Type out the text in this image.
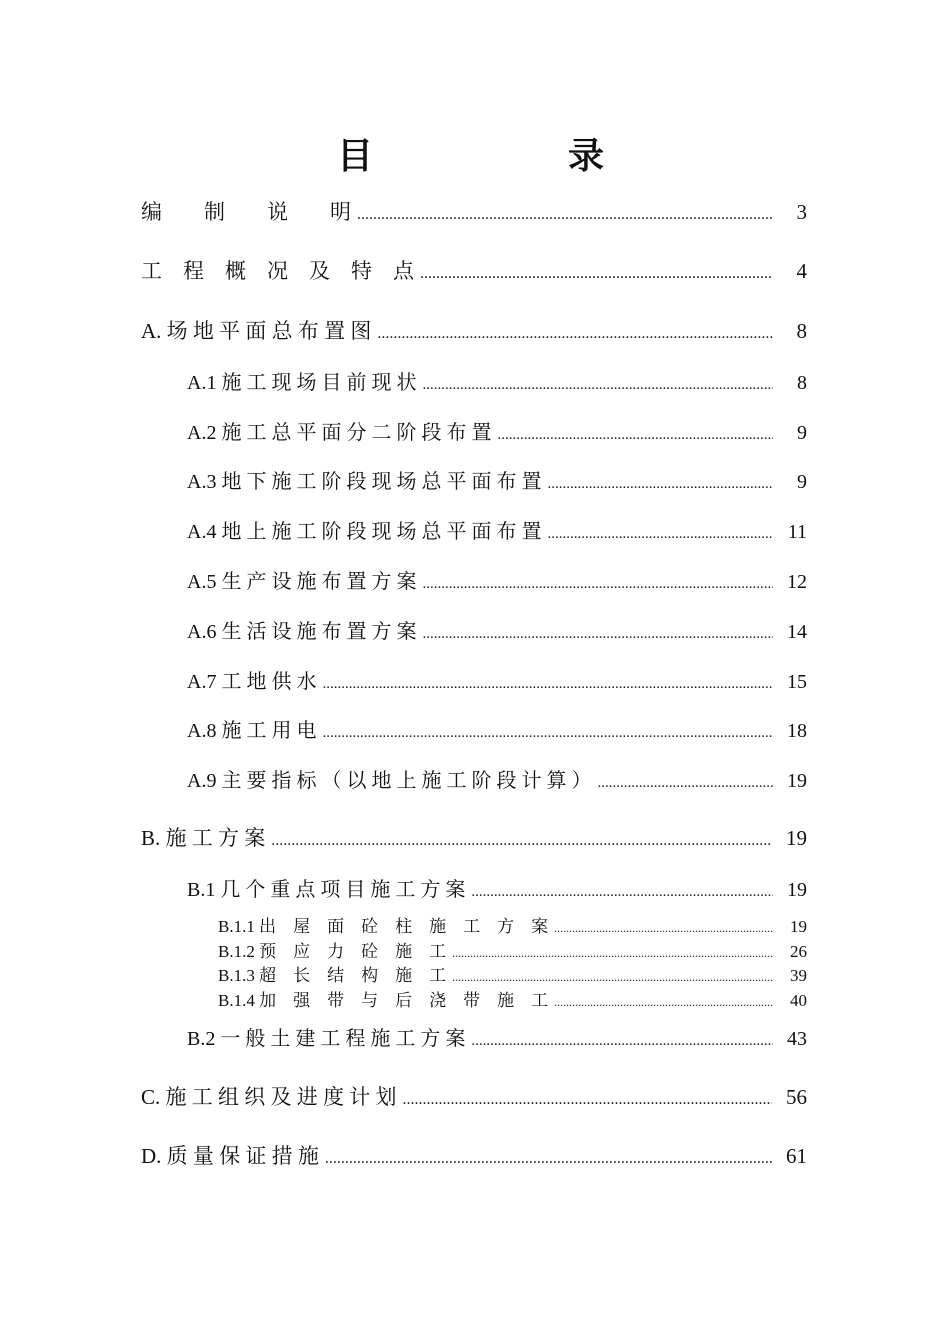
目	录
编　　制　　说　　明 .....	3
工　程　概　况　及　特　点 .....	4
A. 场 地 平 面 总 布 置 图 .....	8
A.1 施 工 现 场 目 前 现 状 .....	8
A.2 施 工 总 平 面 分 二 阶 段 布 置 .....	9
A.3 地 下 施 工 阶 段 现 场 总 平 面 布 置 .....	9
A.4 地 上 施 工 阶 段 现 场 总 平 面 布 置 .....	11
A.5 生 产 设 施 布 置 方 案 .....	12
A.6 生 活 设 施 布 置 方 案 .....	14
A.7 工 地 供 水 .....	15
A.8 施 工 用 电 .....	18
A.9 主 要 指 标 （ 以 地 上 施 工 阶 段 计 算 ） .....	19
B. 施 工 方 案 .....	19
B.1 几 个 重 点 项 目 施 工 方 案 .....	19
B.1.1 出　屋　面　砼　柱　施　工　方　案 .....	19
B.1.2 预　应　力　砼　施　工 .....	26
B.1.3 超　长　结　构　施　工 .....	39
B.1.4 加　强　带　与　后　浇　带　施　工 .....	40
B.2 一 般 土 建 工 程 施 工 方 案 .....	43
C. 施 工 组 织 及 进 度 计 划 .....	56
D. 质 量 保 证 措 施 .....	61
